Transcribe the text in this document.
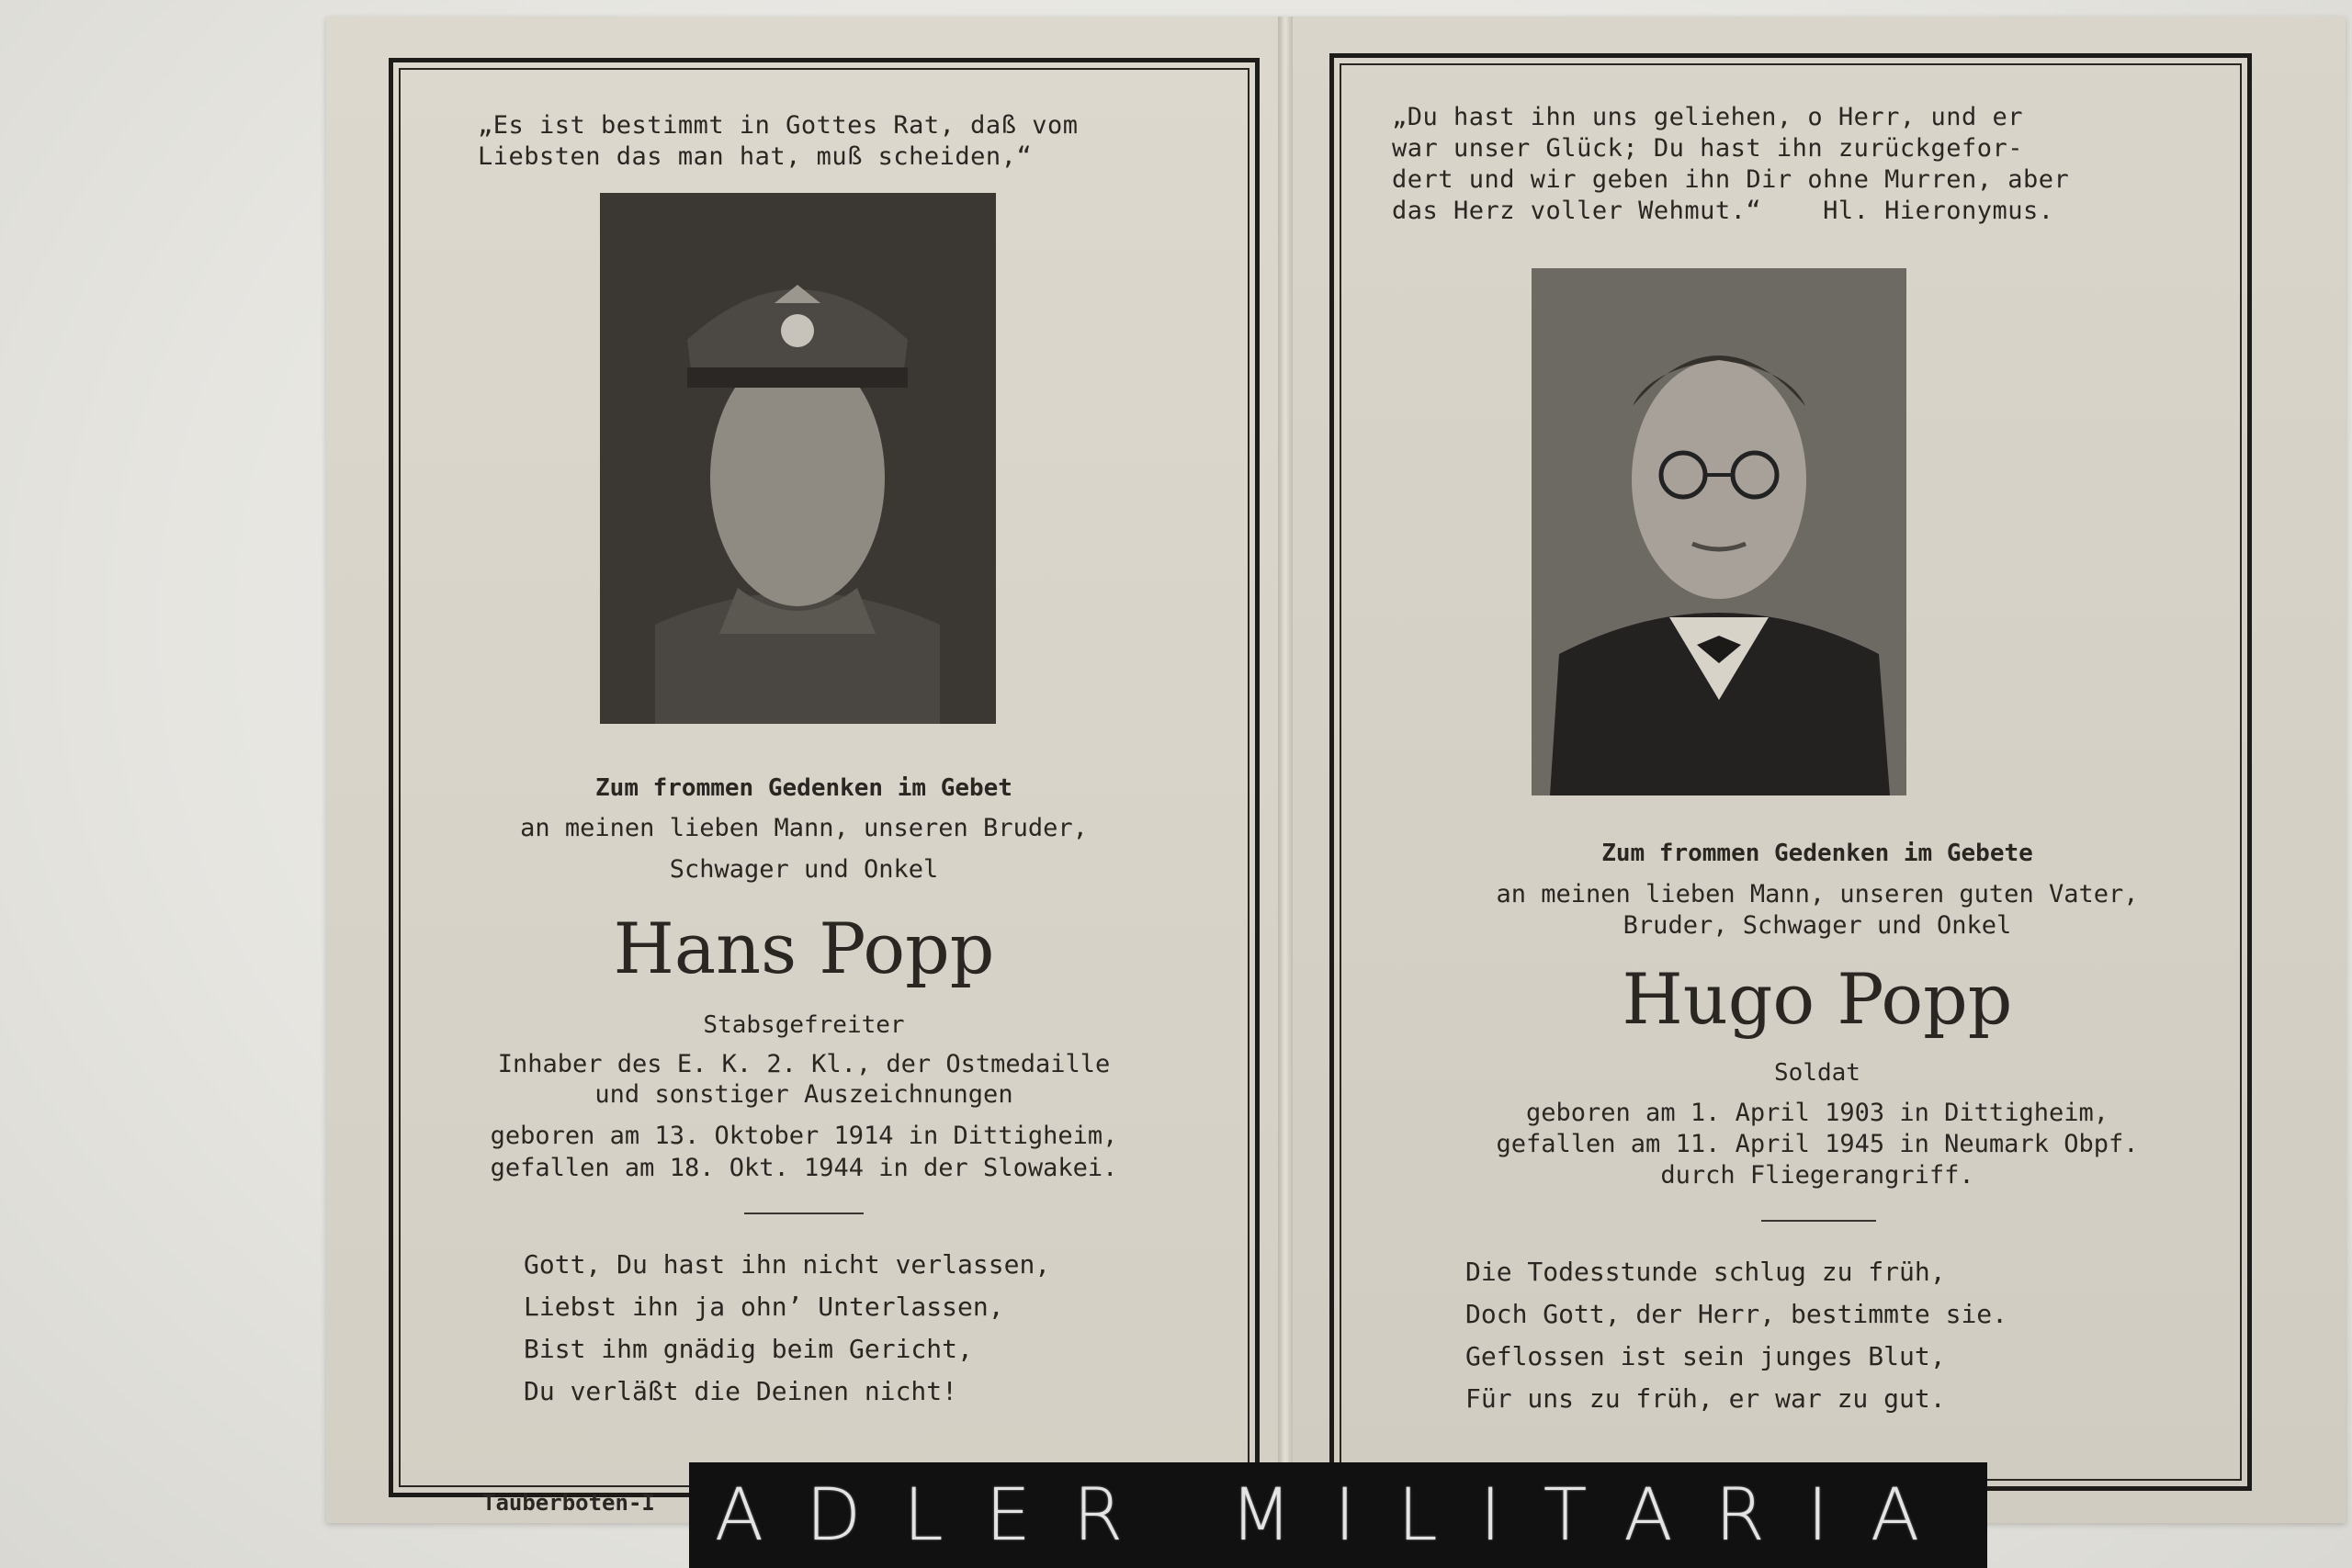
„Es ist bestimmt in Gottes Rat, daß vom
Liebsten das man hat, muß scheiden,“
Zum frommen Gedenken im Gebet
an meinen lieben Mann, unseren Bruder,
Schwager und Onkel
Hans Popp
Stabsgefreiter
Inhaber des E. K. 2. Kl., der Ostmedaille
und sonstiger Auszeichnungen
geboren am 13. Oktober 1914 in Dittigheim,
gefallen am 18. Okt. 1944 in der Slowakei.
Gott, Du hast ihn nicht verlassen,
Liebst ihn ja ohn’ Unterlassen,
Bist ihm gnädig beim Gericht,
Du verläßt die Deinen nicht!
Tauberboten-I
„Du hast ihn uns geliehen, o Herr, und er
war unser Glück; Du hast ihn zurückgefor-
dert und wir geben ihn Dir ohne Murren, aber
das Herz voller Wehmut.“    Hl. Hieronymus.
Zum frommen Gedenken im Gebete
an meinen lieben Mann, unseren guten Vater,
Bruder, Schwager und Onkel
Hugo Popp
Soldat
geboren am 1. April 1903 in Dittigheim,
gefallen am 11. April 1945 in Neumark Obpf.
durch Fliegerangriff.
Die Todesstunde schlug zu früh,
Doch Gott, der Herr, bestimmte sie.
Geflossen ist sein junges Blut,
Für uns zu früh, er war zu gut.
ADLER MILITARIA
